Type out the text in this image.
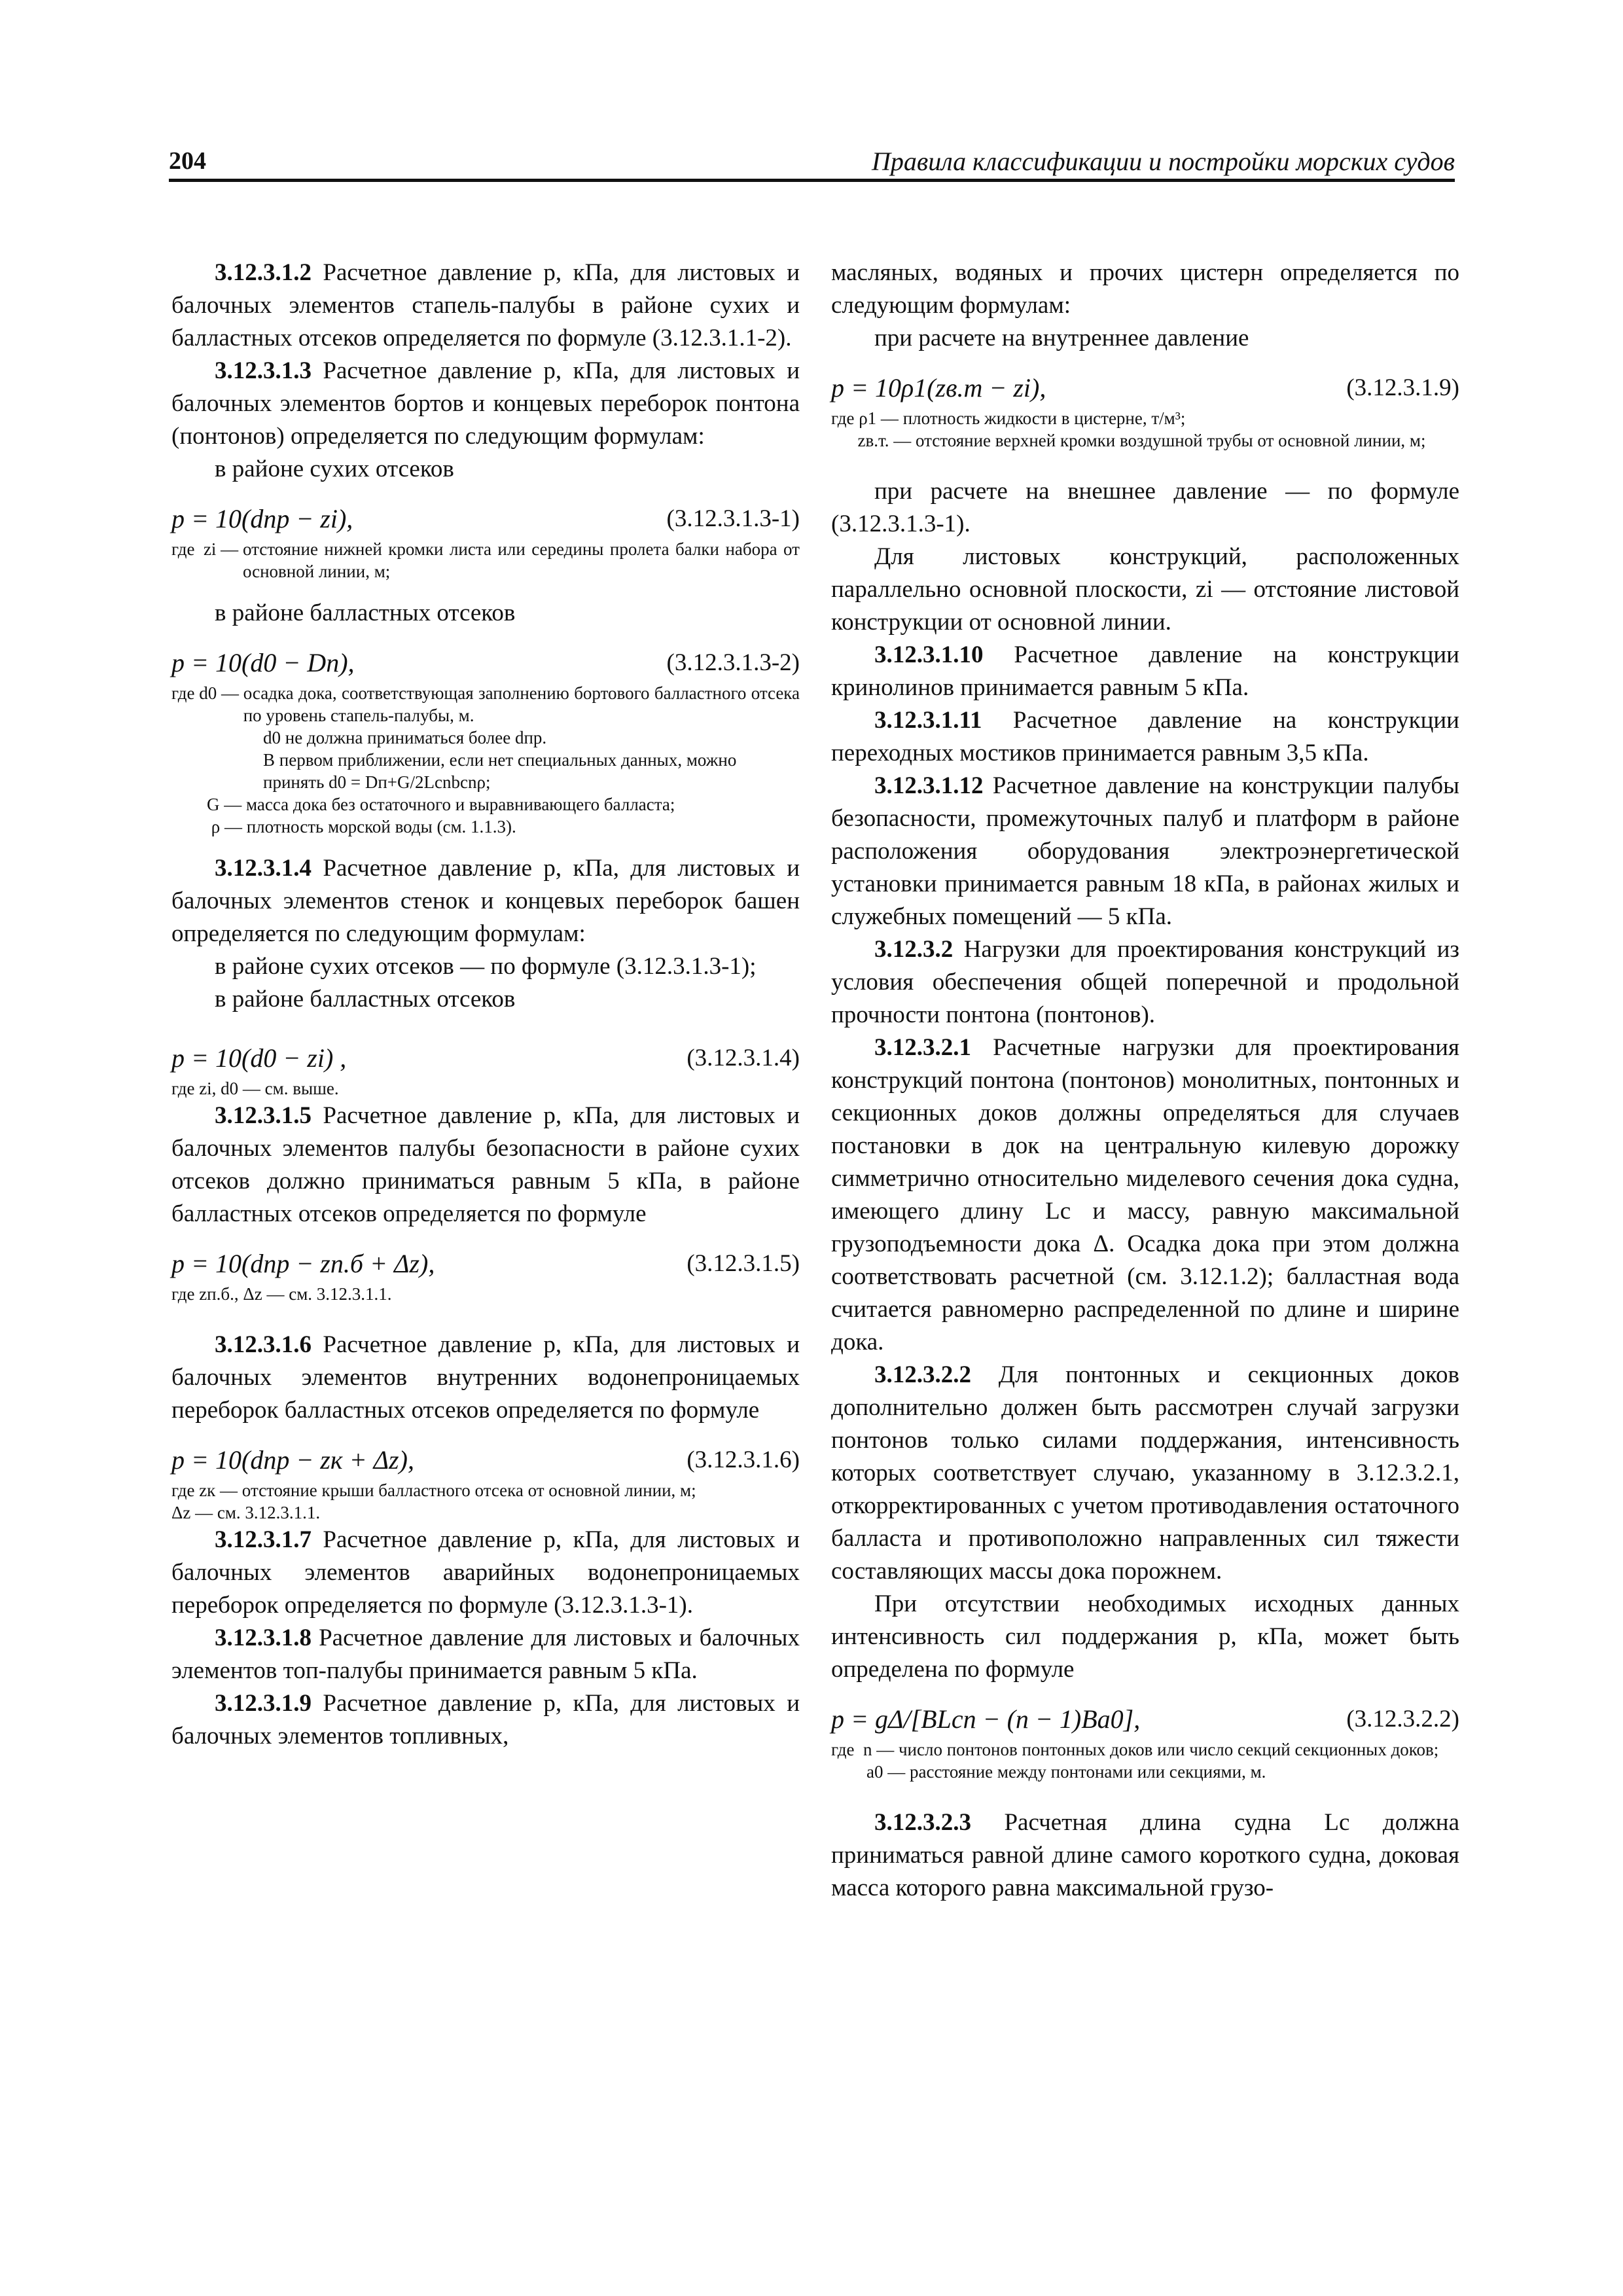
204	Правила классификации и постройки морских судов

3.12.3.1.2 Расчетное давление p, кПа, для листовых и балочных элементов стапель-палубы в районе сухих и балластных отсеков определяется по формуле (3.12.3.1.1-2).

3.12.3.1.3 Расчетное давление p, кПа, для листовых и балочных элементов бортов и концевых переборок понтона (понтонов) определяется по следующим формулам:

в районе сухих отсеков

p = 10(dпр − zi),	(3.12.3.1.3-1)
где  zi — отстояние нижней кромки листа или середины пролета балки набора от основной линии, м;

в районе балластных отсеков

p = 10(d0 − Dп),	(3.12.3.1.3-2)
где d0 — осадка дока, соответствующая заполнению бортового балластного отсека по уровень стапель-палубы, м.
d0 не должна приниматься более dпр.
В первом приближении, если нет специальных данных, можно принять d0 = Dп+G/2Lсnbсnρ;
G — масса дока без остаточного и выравнивающего балласта;
ρ — плотность морской воды (см. 1.1.3).

3.12.3.1.4 Расчетное давление p, кПа, для листовых и балочных элементов стенок и концевых переборок башен определяется по следующим формулам:

в районе сухих отсеков — по формуле (3.12.3.1.3-1);

в районе балластных отсеков

p = 10(d0 − zi) ,	(3.12.3.1.4)
где zi, d0 — см. выше.

3.12.3.1.5 Расчетное давление p, кПа, для листовых и балочных элементов палубы безопасности в районе сухих отсеков должно приниматься равным 5 кПа, в районе балластных отсеков определяется по формуле

p = 10(dпр − zп.б + Δz),	(3.12.3.1.5)
где zп.б., Δz — см. 3.12.3.1.1.

3.12.3.1.6 Расчетное давление p, кПа, для листовых и балочных элементов внутренних водонепроницаемых переборок балластных отсеков определяется по формуле

p = 10(dпр − zк + Δz),	(3.12.3.1.6)
где zк — отстояние крыши балластного отсека от основной линии, м;
Δz — см. 3.12.3.1.1.

3.12.3.1.7 Расчетное давление p, кПа, для листовых и балочных элементов аварийных водонепроницаемых переборок определяется по формуле (3.12.3.1.3-1).

3.12.3.1.8 Расчетное давление для листовых и балочных элементов топ-палубы принимается равным 5 кПа.

3.12.3.1.9 Расчетное давление p, кПа, для листовых и балочных элементов топливных,

масляных, водяных и прочих цистерн определяется по следующим формулам:

при расчете на внутреннее давление

p = 10ρ1(zв.т − zi),	(3.12.3.1.9)
где ρ1 — плотность жидкости в цистерне, т/м³;
zв.т. — отстояние верхней кромки воздушной трубы от основной линии, м;

при расчете на внешнее давление — по формуле (3.12.3.1.3-1).

Для листовых конструкций, расположенных параллельно основной плоскости, zi — отстояние листовой конструкции от основной линии.

3.12.3.1.10 Расчетное давление на конструкции кринолинов принимается равным 5 кПа.

3.12.3.1.11 Расчетное давление на конструкции переходных мостиков принимается равным 3,5 кПа.

3.12.3.1.12 Расчетное давление на конструкции палубы безопасности, промежуточных палуб и платформ в районе расположения оборудования электроэнергетической установки принимается равным 18 кПа, в районах жилых и служебных помещений — 5 кПа.

3.12.3.2 Нагрузки для проектирования конструкций из условия обеспечения общей поперечной и продольной прочности понтона (понтонов).

3.12.3.2.1 Расчетные нагрузки для проектирования конструкций понтона (понтонов) монолитных, понтонных и секционных доков должны определяться для случаев постановки в док на центральную килевую дорожку симметрично относительно миделевого сечения дока судна, имеющего длину Lс и массу, равную максимальной грузоподъемности дока Δ. Осадка дока при этом должна соответствовать расчетной (см. 3.12.1.2); балластная вода считается равномерно распределенной по длине и ширине дока.

3.12.3.2.2 Для понтонных и секционных доков дополнительно должен быть рассмотрен случай загрузки понтонов только силами поддержания, интенсивность которых соответствует случаю, указанному в 3.12.3.2.1, откорректированных с учетом противодавления остаточного балласта и противоположно направленных сил тяжести составляющих массы дока порожнем.

При отсутствии необходимых исходных данных интенсивность сил поддержания p, кПа, может быть определена по формуле

p = gΔ/[BLсп − (n − 1)Ba0],	(3.12.3.2.2)
где  n — число понтонов понтонных доков или число секций секционных доков;
a0 — расстояние между понтонами или секциями, м.

3.12.3.2.3 Расчетная длина судна Lс должна приниматься равной длине самого короткого судна, доковая масса которого равна максимальной грузо-
